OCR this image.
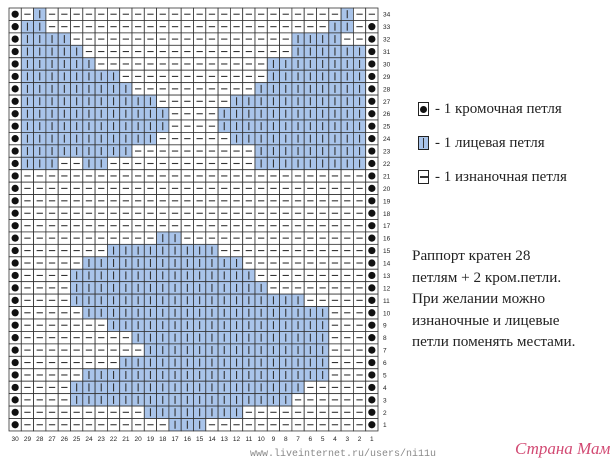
34
33
32
31
30
29
28
27
26
25
24
23
22
21
20
19
18
17
16
15
14
13
12
11
10
9
8
7
6
5
4
3
2
1
30 29 28 27 26 25 24 23 22 21 20 19 18 17 16 15 14 13 12 11 10 9 8 7 6 5 4 3 2 1
- 1 кромочная петля
- 1 лицевая петля
- 1 изнаночная петля
Раппорт кратен 28
петлям + 2 кром.петли.
При желании можно
изнаночные и лицевые
петли поменять местами.
www.liveinternet.ru/users/ni11u	Страна Мам
